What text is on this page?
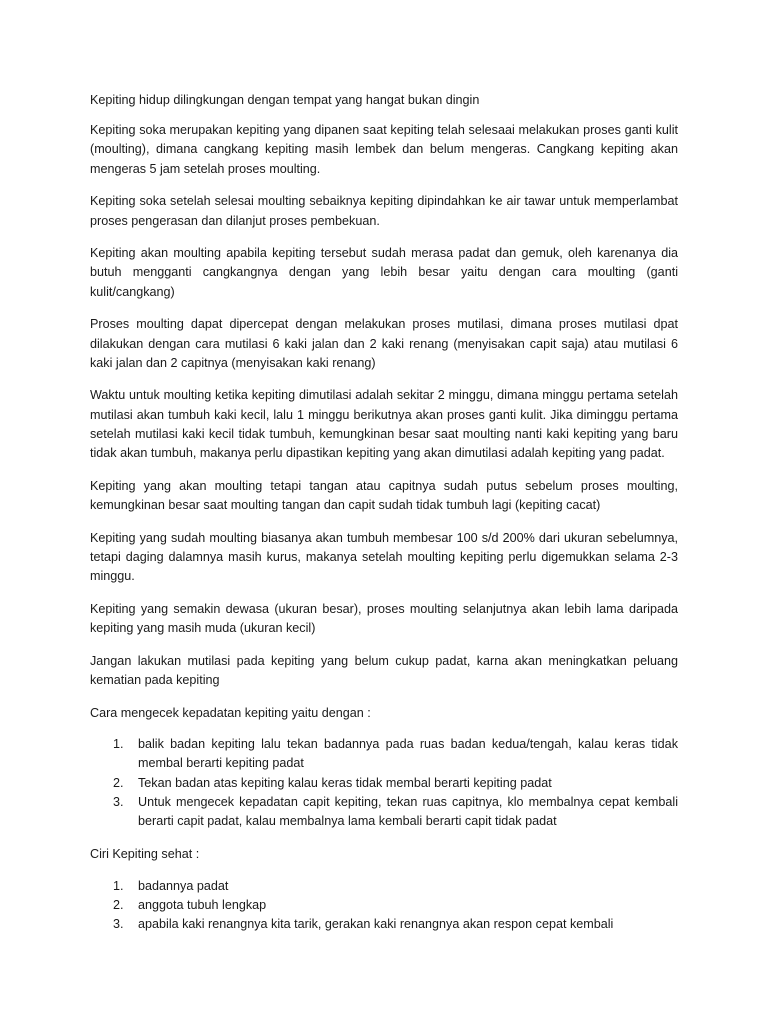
Kepiting hidup dilingkungan dengan tempat yang hangat bukan dingin

Kepiting soka merupakan kepiting yang dipanen saat kepiting telah selesaai melakukan proses ganti kulit (moulting), dimana cangkang kepiting masih lembek dan belum mengeras. Cangkang kepiting akan mengeras 5 jam setelah proses moulting.

Kepiting soka setelah selesai moulting sebaiknya kepiting dipindahkan ke air tawar untuk memperlambat proses pengerasan dan dilanjut proses pembekuan.

Kepiting akan moulting apabila kepiting tersebut sudah merasa padat dan gemuk, oleh karenanya dia butuh mengganti cangkangnya dengan yang lebih besar yaitu dengan cara moulting (ganti kulit/cangkang)

Proses moulting dapat dipercepat dengan melakukan proses mutilasi, dimana proses mutilasi dpat dilakukan dengan cara mutilasi 6 kaki jalan dan 2 kaki renang (menyisakan capit saja) atau mutilasi 6 kaki jalan dan 2 capitnya (menyisakan kaki renang)

Waktu untuk moulting ketika kepiting dimutilasi adalah sekitar 2 minggu, dimana minggu pertama setelah mutilasi akan tumbuh kaki kecil, lalu 1 minggu berikutnya akan proses ganti kulit. Jika diminggu pertama setelah mutilasi kaki kecil tidak tumbuh, kemungkinan besar saat moulting nanti kaki kepiting yang baru tidak akan tumbuh, makanya perlu dipastikan kepiting yang akan dimutilasi adalah kepiting yang padat.

Kepiting yang akan moulting tetapi tangan atau capitnya sudah putus sebelum proses moulting, kemungkinan besar saat moulting tangan dan capit sudah tidak tumbuh lagi (kepiting cacat)

Kepiting yang sudah moulting biasanya akan tumbuh membesar 100 s/d 200% dari ukuran sebelumnya, tetapi daging dalamnya masih kurus, makanya setelah moulting kepiting perlu digemukkan selama 2-3 minggu.

Kepiting yang semakin dewasa (ukuran besar), proses moulting selanjutnya akan lebih lama daripada kepiting yang masih muda (ukuran kecil)

Jangan lakukan mutilasi pada kepiting yang belum cukup padat, karna akan meningkatkan peluang kematian pada kepiting

Cara mengecek kepadatan kepiting yaitu dengan :

1. balik badan kepiting lalu tekan badannya pada ruas badan kedua/tengah, kalau keras tidak membal berarti kepiting padat
2. Tekan badan atas kepiting kalau keras tidak membal berarti kepiting padat
3. Untuk mengecek kepadatan capit kepiting, tekan ruas capitnya, klo membalnya cepat kembali berarti capit padat, kalau membalnya lama kembali berarti capit tidak padat

Ciri Kepiting sehat :

1. badannya padat
2. anggota tubuh lengkap
3. apabila kaki renangnya kita tarik, gerakan kaki renangnya akan respon cepat kembali
